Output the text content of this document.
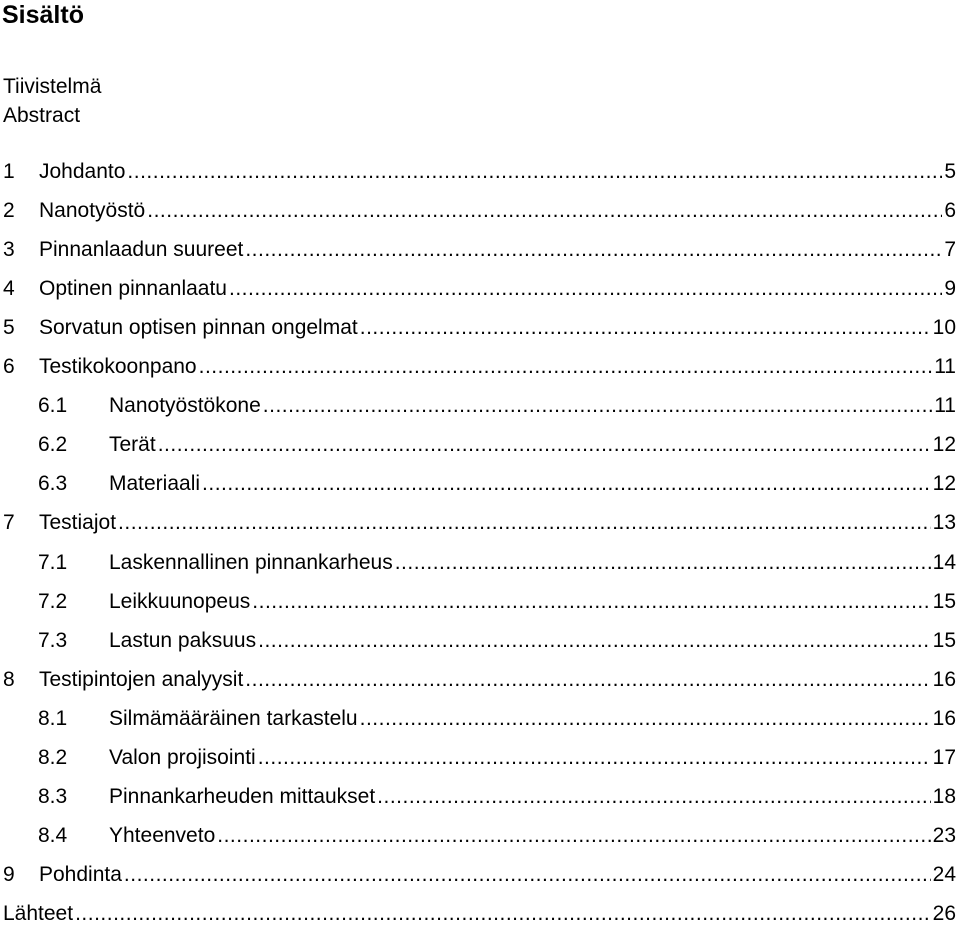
Sisältö
Tiivistelmä
Abstract
1	Johdanto .....	5
2	Nanotyöstö .....	6
3	Pinnanlaadun suureet .....	7
4	Optinen pinnanlaatu .....	9
5	Sorvatun optisen pinnan ongelmat .....	10
6	Testikokoonpano .....	11
6.1	Nanotyöstökone .....	11
6.2	Terät .....	12
6.3	Materiaali .....	12
7	Testiajot .....	13
7.1	Laskennallinen pinnankarheus .....	14
7.2	Leikkuunopeus .....	15
7.3	Lastun paksuus .....	15
8	Testipintojen analyysit .....	16
8.1	Silmämääräinen tarkastelu .....	16
8.2	Valon projisointi .....	17
8.3	Pinnankarheuden mittaukset .....	18
8.4	Yhteenveto .....	23
9	Pohdinta .....	24
Lähteet .....	26
